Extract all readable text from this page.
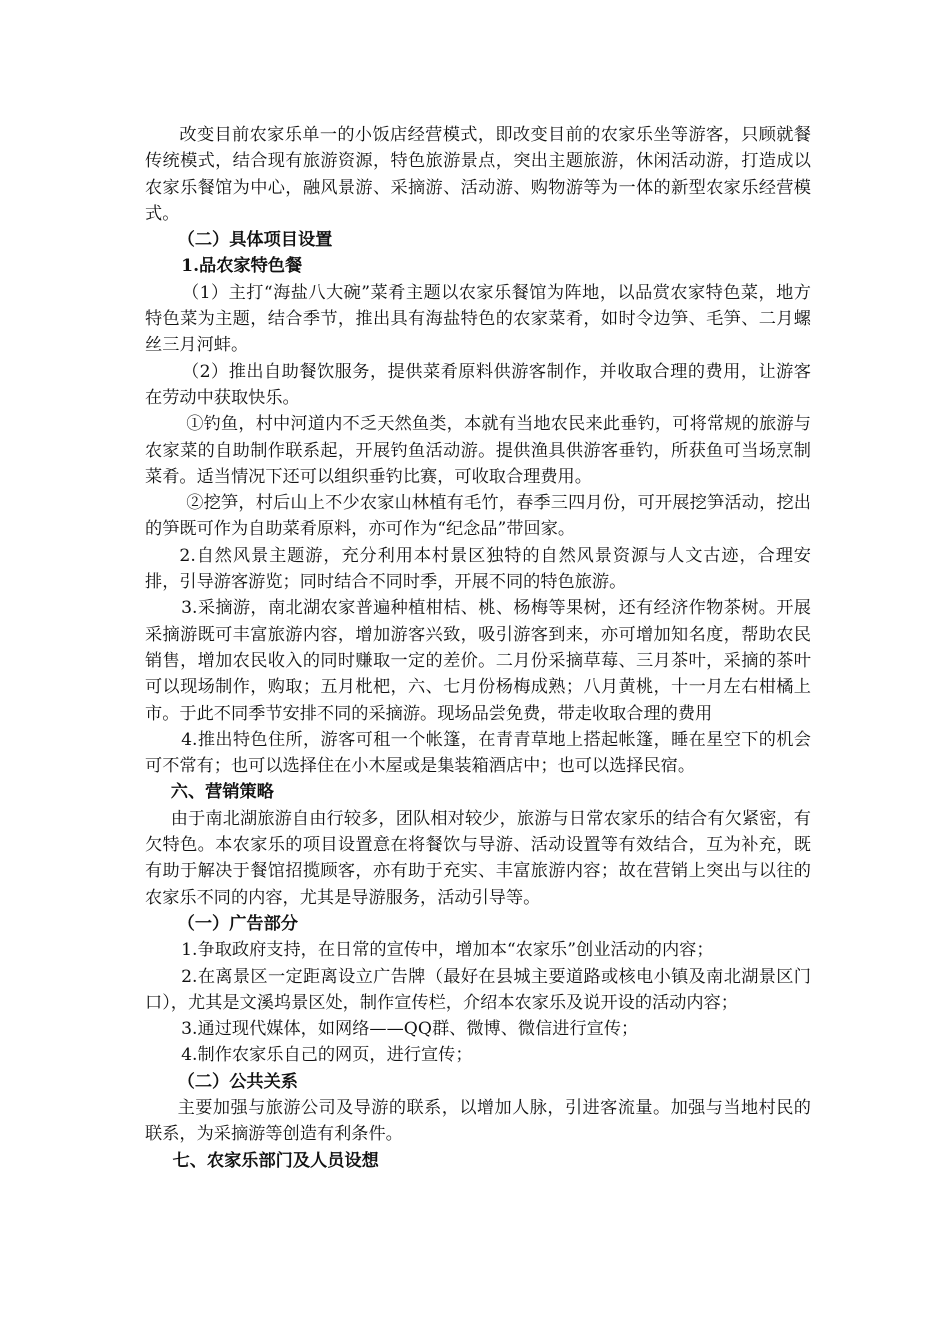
改变目前农家乐单一的小饭店经营模式，即改变目前的农家乐坐等游客，只顾就餐传统模式，结合现有旅游资源，特色旅游景点，突出主题旅游，休闲活动游，打造成以农家乐餐馆为中心，融风景游、采摘游、活动游、购物游等为一体的新型农家乐经营模式。

（二）具体项目设置

1.品农家特色餐

（1）主打“海盐八大碗”菜肴主题以农家乐餐馆为阵地，以品赏农家特色菜，地方特色菜为主题，结合季节，推出具有海盐特色的农家菜肴，如时令边笋、毛笋、二月螺丝三月河蚌。

（2）推出自助餐饮服务，提供菜肴原料供游客制作，并收取合理的费用，让游客在劳动中获取快乐。

①钓鱼，村中河道内不乏天然鱼类，本就有当地农民来此垂钓，可将常规的旅游与农家菜的自助制作联系起，开展钓鱼活动游。提供渔具供游客垂钓，所获鱼可当场烹制菜肴。适当情况下还可以组织垂钓比赛，可收取合理费用。

②挖笋，村后山上不少农家山林植有毛竹，春季三四月份，可开展挖笋活动，挖出的笋既可作为自助菜肴原料，亦可作为“纪念品”带回家。

2.自然风景主题游，充分利用本村景区独特的自然风景资源与人文古迹，合理安排，引导游客游览；同时结合不同时季，开展不同的特色旅游。

3.采摘游，南北湖农家普遍种植柑桔、桃、杨梅等果树，还有经济作物茶树。开展采摘游既可丰富旅游内容，增加游客兴致，吸引游客到来，亦可增加知名度，帮助农民销售，增加农民收入的同时赚取一定的差价。二月份采摘草莓、三月茶叶，采摘的茶叶可以现场制作，购取；五月枇杷，六、七月份杨梅成熟；八月黄桃，十一月左右柑橘上市。于此不同季节安排不同的采摘游。现场品尝免费，带走收取合理的费用

4.推出特色住所，游客可租一个帐篷，在青青草地上搭起帐篷，睡在星空下的机会可不常有；也可以选择住在小木屋或是集装箱酒店中；也可以选择民宿。

六、营销策略

由于南北湖旅游自由行较多，团队相对较少，旅游与日常农家乐的结合有欠紧密，有欠特色。本农家乐的项目设置意在将餐饮与导游、活动设置等有效结合，互为补充，既有助于解决于餐馆招揽顾客，亦有助于充实、丰富旅游内容；故在营销上突出与以往的农家乐不同的内容，尤其是导游服务，活动引导等。

（一）广告部分

1.争取政府支持，在日常的宣传中，增加本“农家乐”创业活动的内容；

2.在离景区一定距离设立广告牌（最好在县城主要道路或核电小镇及南北湖景区门口），尤其是文溪坞景区处，制作宣传栏，介绍本农家乐及说开设的活动内容；

3.通过现代媒体，如网络——QQ群、微博、微信进行宣传；

4.制作农家乐自己的网页，进行宣传；

（二）公共关系

主要加强与旅游公司及导游的联系，以增加人脉，引进客流量。加强与当地村民的联系，为采摘游等创造有利条件。

七、农家乐部门及人员设想
